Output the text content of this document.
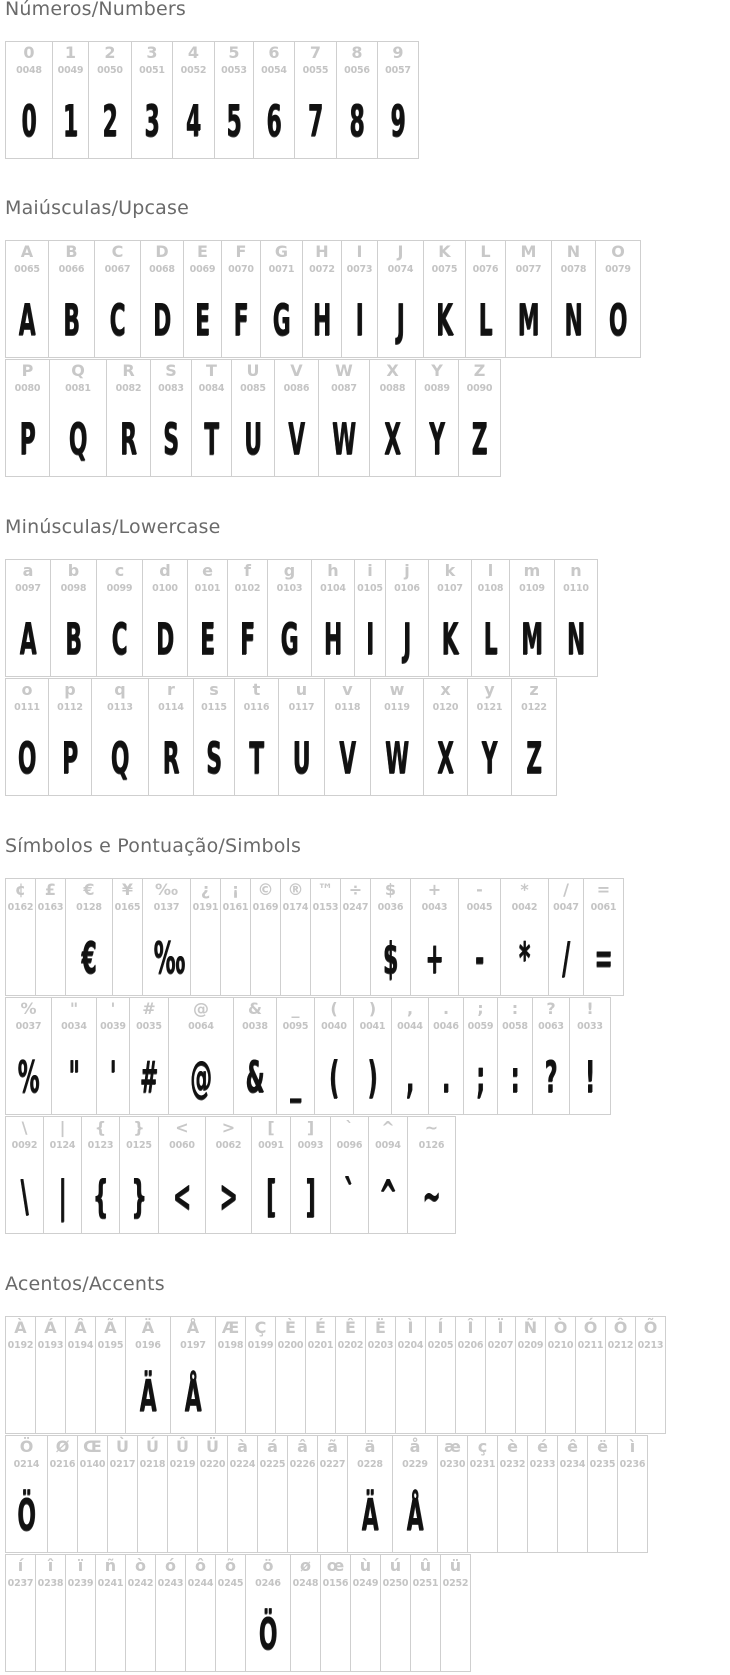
Números/Numbers
0
0048
0
1
0049
1
2
0050
2
3
0051
3
4
0052
4
5
0053
5
6
0054
6
7
0055
7
8
0056
8
9
0057
9
Maiúsculas/Upcase
A
0065
A
B
0066
B
C
0067
C
D
0068
D
E
0069
E
F
0070
F
G
0071
G
H
0072
H
I
0073
I
J
0074
J
K
0075
K
L
0076
L
M
0077
M
N
0078
N
O
0079
O
P
0080
P
Q
0081
Q
R
0082
R
S
0083
S
T
0084
T
U
0085
U
V
0086
V
W
0087
W
X
0088
X
Y
0089
Y
Z
0090
Z
Minúsculas/Lowercase
a
0097
A
b
0098
B
c
0099
C
d
0100
D
e
0101
E
f
0102
F
g
0103
G
h
0104
H
i
0105
I
j
0106
J
k
0107
K
l
0108
L
m
0109
M
n
0110
N
o
0111
O
p
0112
P
q
0113
Q
r
0114
R
s
0115
S
t
0116
T
u
0117
U
v
0118
V
w
0119
W
x
0120
X
y
0121
Y
z
0122
Z
Símbolos e Pontuação/Simbols
¢
0162
£
0163
€
0128
€
¥
0165
‰
0137
‰
¿
0191
¡
0161
©
0169
®
0174
™
0153
÷
0247
$
0036
$
+
0043
+
-
0045
-
*
0042
*
/
0047
/
=
0061
=
%
0037
%
"
0034
"
'
0039
'
#
0035
#
@
0064
@
&
0038
&
_
0095
_
(
0040
(
)
0041
)
,
0044
,
.
0046
.
;
0059
;
:
0058
:
?
0063
?
!
0033
!
\
0092
\
|
0124
|
{
0123
{
}
0125
}
<
0060
<
>
0062
>
[
0091
[
]
0093
]
`
0096
`
^
0094
^
~
0126
~
Acentos/Accents
À
0192
Á
0193
Â
0194
Ã
0195
Ä
0196
Ä
Å
0197
Å
Æ
0198
Ç
0199
È
0200
É
0201
Ê
0202
Ë
0203
Ì
0204
Í
0205
Î
0206
Ï
0207
Ñ
0209
Ò
0210
Ó
0211
Ô
0212
Õ
0213
Ö
0214
Ö
Ø
0216
Œ
0140
Ù
0217
Ú
0218
Û
0219
Ü
0220
à
0224
á
0225
â
0226
ã
0227
ä
0228
Ä
å
0229
Å
æ
0230
ç
0231
è
0232
é
0233
ê
0234
ë
0235
ì
0236
í
0237
î
0238
ï
0239
ñ
0241
ò
0242
ó
0243
ô
0244
õ
0245
ö
0246
Ö
ø
0248
œ
0156
ù
0249
ú
0250
û
0251
ü
0252
